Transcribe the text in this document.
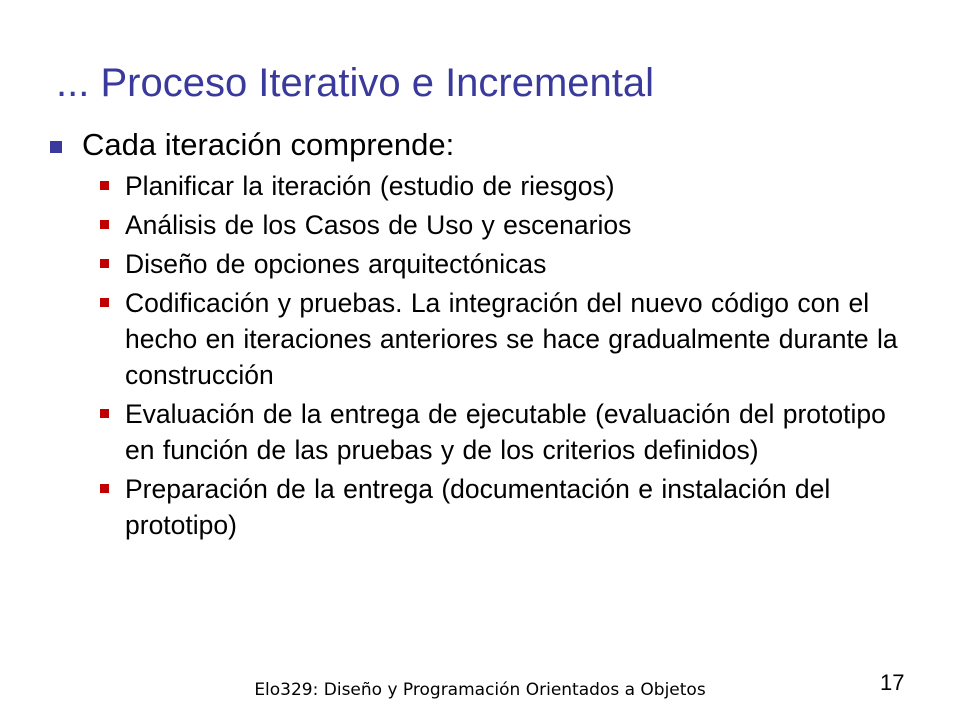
... Proceso Iterativo e Incremental
Cada iteración comprende:
Planificar la iteración (estudio de riesgos)
Análisis de los Casos de Uso y escenarios
Diseño de opciones arquitectónicas
Codificación y pruebas. La integración del nuevo código con el hecho en iteraciones anteriores se hace gradualmente durante la construcción
Evaluación de la entrega de ejecutable (evaluación del prototipo en función de las pruebas y de los criterios definidos)
Preparación de la entrega (documentación e instalación del prototipo)
Elo329: Diseño y Programación Orientados a Objetos	17
